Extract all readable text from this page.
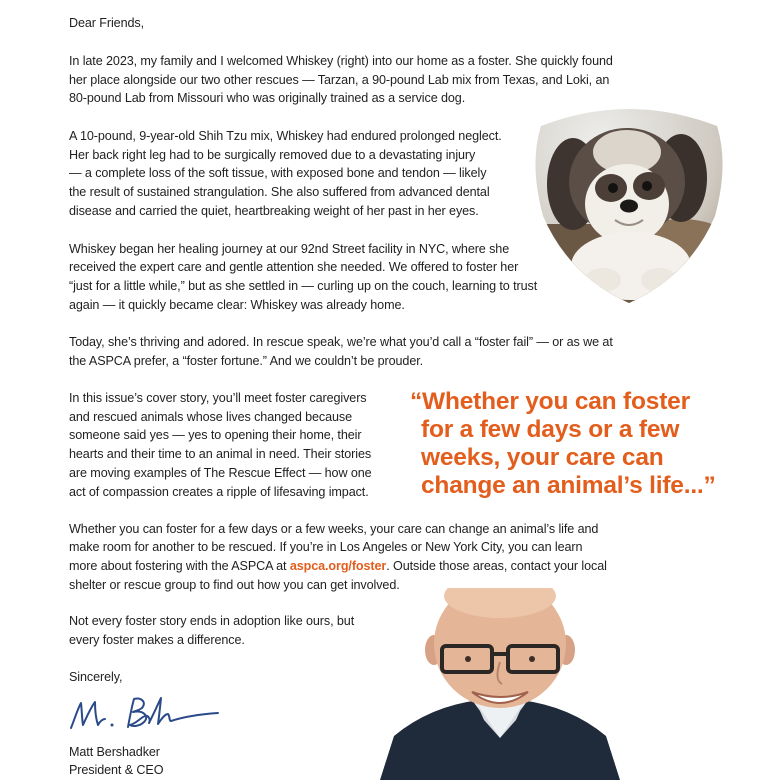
Dear Friends,

In late 2023, my family and I welcomed Whiskey (right) into our home as a foster. She quickly found

her place alongside our two other rescues — Tarzan, a 90-pound Lab mix from Texas, and Loki, an

80-pound Lab from Missouri who was originally trained as a service dog.

A 10-pound, 9-year-old Shih Tzu mix, Whiskey had endured prolonged neglect.

Her back right leg had to be surgically removed due to a devastating injury

— a complete loss of the soft tissue, with exposed bone and tendon — likely

the result of sustained strangulation. She also suffered from advanced dental

disease and carried the quiet, heartbreaking weight of her past in her eyes.

Whiskey began her healing journey at our 92nd Street facility in NYC, where she

received the expert care and gentle attention she needed. We offered to foster her

“just for a little while,” but as she settled in — curling up on the couch, learning to trust

again — it quickly became clear: Whiskey was already home.

Today, she’s thriving and adored. In rescue speak, we’re what you’d call a “foster fail” — or as we at

the ASPCA prefer, a “foster fortune.” And we couldn’t be prouder.

In this issue’s cover story, you’ll meet foster caregivers

and rescued animals whose lives changed because

someone said yes — yes to opening their home, their

hearts and their time to an animal in need. Their stories

are moving examples of The Rescue Effect — how one

act of compassion creates a ripple of lifesaving impact.

“Whether you can foster
for a few days or a few
weeks, your care can
change an animal’s life...”

Whether you can foster for a few days or a few weeks, your care can change an animal’s life and

make room for another to be rescued. If you’re in Los Angeles or New York City, you can learn

more about fostering with the ASPCA at aspca.org/foster. Outside those areas, contact your local

shelter or rescue group to find out how you can get involved.

Not every foster story ends in adoption like ours, but

every foster makes a difference.

Sincerely,

Matt Bershadker

President & CEO
